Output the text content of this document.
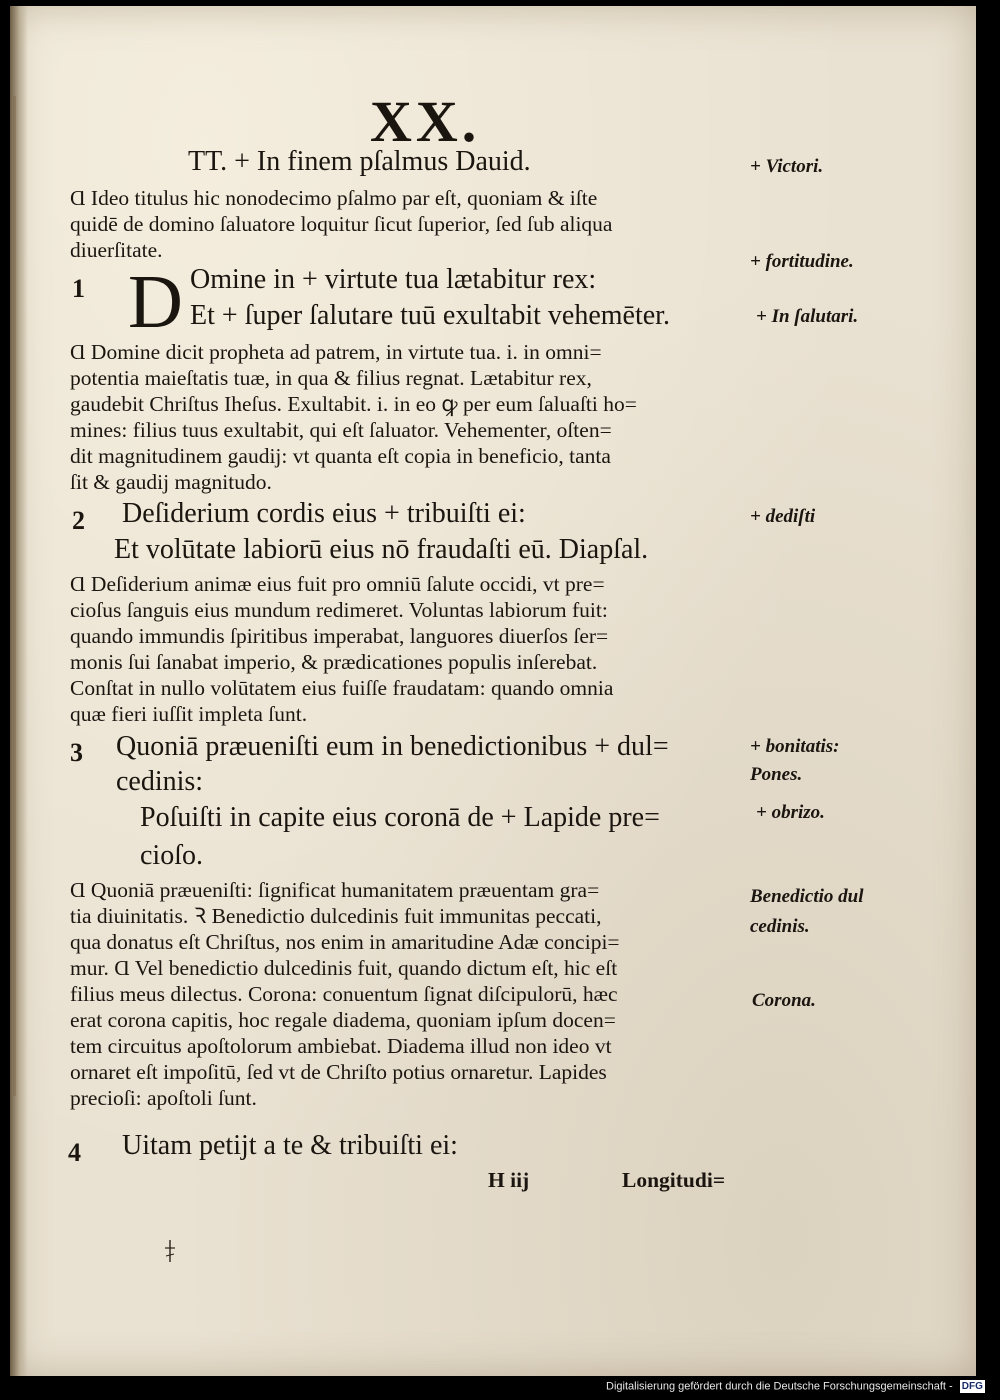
XX.
TT. + In finem pſalmus Dauid.	+ Victori.
Ɑ Ideo titulus hic nonodecimo pſalmo par eſt, quoniam & iſte
quidē de domino ſaluatore loquitur ſicut ſuperior, ſed ſub aliqua
diuerſitate.	+ fortitudine.
1 D Omine in + virtute tua lætabitur rex:
Et + ſuper ſalutare tuū exultabit vehemēter.	+ In ſalutari.
Ɑ Domine dicit propheta ad patrem, in virtute tua. i. in omni=
potentia maieſtatis tuæ, in qua & filius regnat. Lætabitur rex,
gaudebit Chriſtus Iheſus. Exultabit. i. in eo ꝙ per eum ſaluaſti ho=
mines: filius tuus exultabit, qui eſt ſaluator. Vehementer, oſten=
dit magnitudinem gaudij: vt quanta eſt copia in beneficio, tanta
ſit & gaudij magnitudo.
2 Deſiderium cordis eius + tribuiſti ei:	+ dediſti
Et volūtate labiorū eius nō fraudaſti eū. Diapſal.
Ɑ Deſiderium animæ eius fuit pro omniū ſalute occidi, vt pre=
cioſus ſanguis eius mundum redimeret. Voluntas labiorum fuit:
quando immundis ſpiritibus imperabat, languores diuerſos ſer=
monis ſui ſanabat imperio, & prædicationes populis inſerebat.
Conſtat in nullo volūtatem eius fuiſſe fraudatam: quando omnia
quæ fieri iuſſit impleta ſunt.
3 Quoniā præueniſti eum in benedictionibus + dul=	+ bonitatis:
cedinis:	Pones.
Poſuiſti in capite eius coronā de + Lapide pre=	+ obrizo.
cioſo.
Ɑ Quoniā præueniſti: ſignificat humanitatem præuentam gra=	Benedictio dul
tia diuinitatis. Ꝛ Benedictio dulcedinis fuit immunitas peccati,	cedinis.
qua donatus eſt Chriſtus, nos enim in amaritudine Adæ concipi=
mur. Ɑ Vel benedictio dulcedinis fuit, quando dictum eſt, hic eſt
filius meus dilectus. Corona: conuentum ſignat diſcipulorū, hæc	Corona.
erat corona capitis, hoc regale diadema, quoniam ipſum docen=
tem circuitus apoſtolorum ambiebat. Diadema illud non ideo vt
ornaret eſt impoſitū, ſed vt de Chriſto potius ornaretur. Lapides
precioſi: apoſtoli ſunt.
4 Uitam petijt a te & tribuiſti ei:
H iij	Longitudi=
Digitalisierung gefördert durch die Deutsche Forschungsgemeinschaft - DFG
